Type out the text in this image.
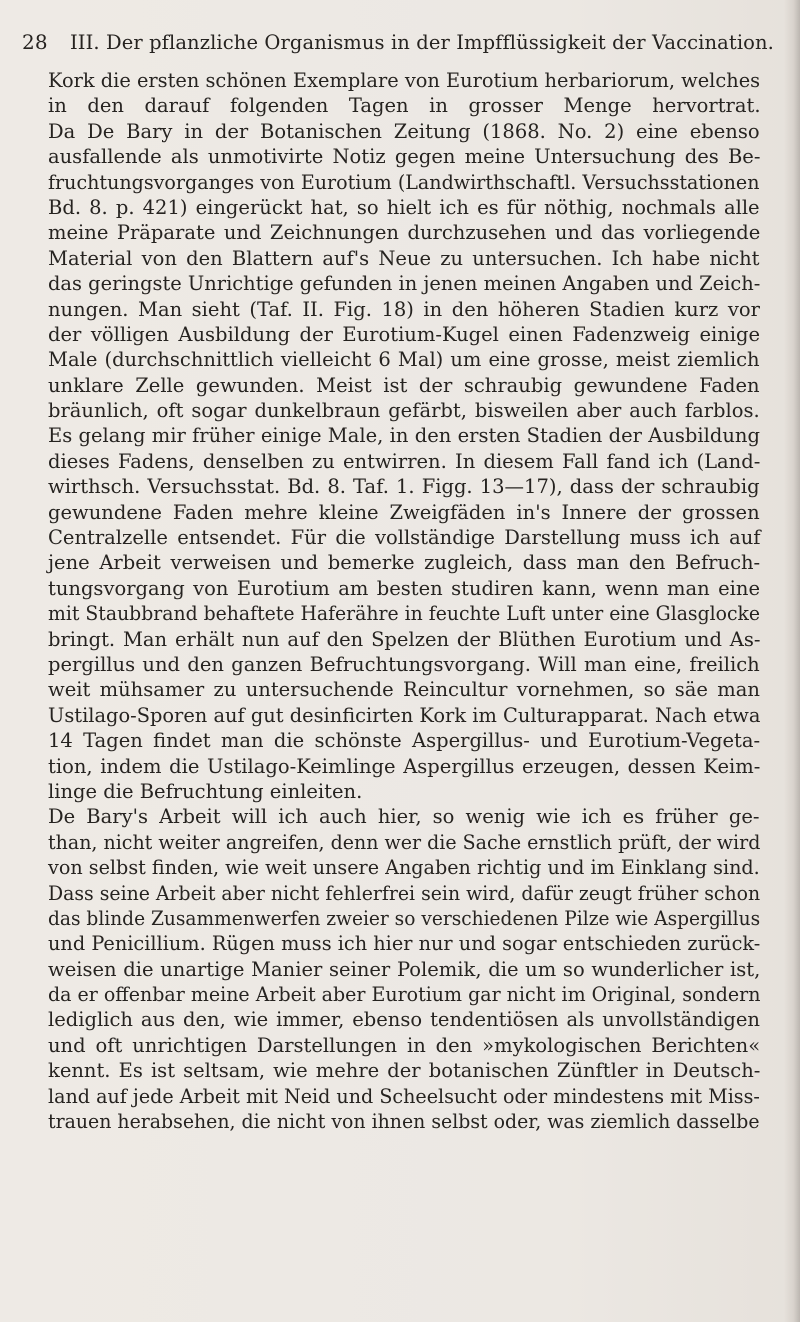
28 III. Der pflanzliche Organismus in der Impfflüssigkeit der Vaccination.
Kork die ersten schönen Exemplare von Eurotium herbariorum, welches
in den darauf folgenden Tagen in grosser Menge hervortrat.
Da De Bary in der Botanischen Zeitung (1868. No. 2) eine ebenso
ausfallende als unmotivirte Notiz gegen meine Untersuchung des Be-
fruchtungsvorganges von Eurotium (Landwirthschaftl. Versuchsstationen
Bd. 8. p. 421) eingerückt hat, so hielt ich es für nöthig, nochmals alle
meine Präparate und Zeichnungen durchzusehen und das vorliegende
Material von den Blattern auf's Neue zu untersuchen. Ich habe nicht
das geringste Unrichtige gefunden in jenen meinen Angaben und Zeich-
nungen. Man sieht (Taf. II. Fig. 18) in den höheren Stadien kurz vor
der völligen Ausbildung der Eurotium-Kugel einen Fadenzweig einige
Male (durchschnittlich vielleicht 6 Mal) um eine grosse, meist ziemlich
unklare Zelle gewunden. Meist ist der schraubig gewundene Faden
bräunlich, oft sogar dunkelbraun gefärbt, bisweilen aber auch farblos.
Es gelang mir früher einige Male, in den ersten Stadien der Ausbildung
dieses Fadens, denselben zu entwirren. In diesem Fall fand ich (Land-
wirthsch. Versuchsstat. Bd. 8. Taf. 1. Figg. 13—17), dass der schraubig
gewundene Faden mehre kleine Zweigfäden in's Innere der grossen
Centralzelle entsendet. Für die vollständige Darstellung muss ich auf
jene Arbeit verweisen und bemerke zugleich, dass man den Befruch-
tungsvorgang von Eurotium am besten studiren kann, wenn man eine
mit Staubbrand behaftete Haferähre in feuchte Luft unter eine Glasglocke
bringt. Man erhält nun auf den Spelzen der Blüthen Eurotium und As-
pergillus und den ganzen Befruchtungsvorgang. Will man eine, freilich
weit mühsamer zu untersuchende Reincultur vornehmen, so säe man
Ustilago-Sporen auf gut desinficirten Kork im Culturapparat. Nach etwa
14 Tagen findet man die schönste Aspergillus- und Eurotium-Vegeta-
tion, indem die Ustilago-Keimlinge Aspergillus erzeugen, dessen Keim-
linge die Befruchtung einleiten.
De Bary's Arbeit will ich auch hier, so wenig wie ich es früher ge-
than, nicht weiter angreifen, denn wer die Sache ernstlich prüft, der wird
von selbst finden, wie weit unsere Angaben richtig und im Einklang sind.
Dass seine Arbeit aber nicht fehlerfrei sein wird, dafür zeugt früher schon
das blinde Zusammenwerfen zweier so verschiedenen Pilze wie Aspergillus
und Penicillium. Rügen muss ich hier nur und sogar entschieden zurück-
weisen die unartige Manier seiner Polemik, die um so wunderlicher ist,
da er offenbar meine Arbeit aber Eurotium gar nicht im Original, sondern
lediglich aus den, wie immer, ebenso tendentiösen als unvollständigen
und oft unrichtigen Darstellungen in den »mykologischen Berichten«
kennt. Es ist seltsam, wie mehre der botanischen Zünftler in Deutsch-
land auf jede Arbeit mit Neid und Scheelsucht oder mindestens mit Miss-
trauen herabsehen, die nicht von ihnen selbst oder, was ziemlich dasselbe
